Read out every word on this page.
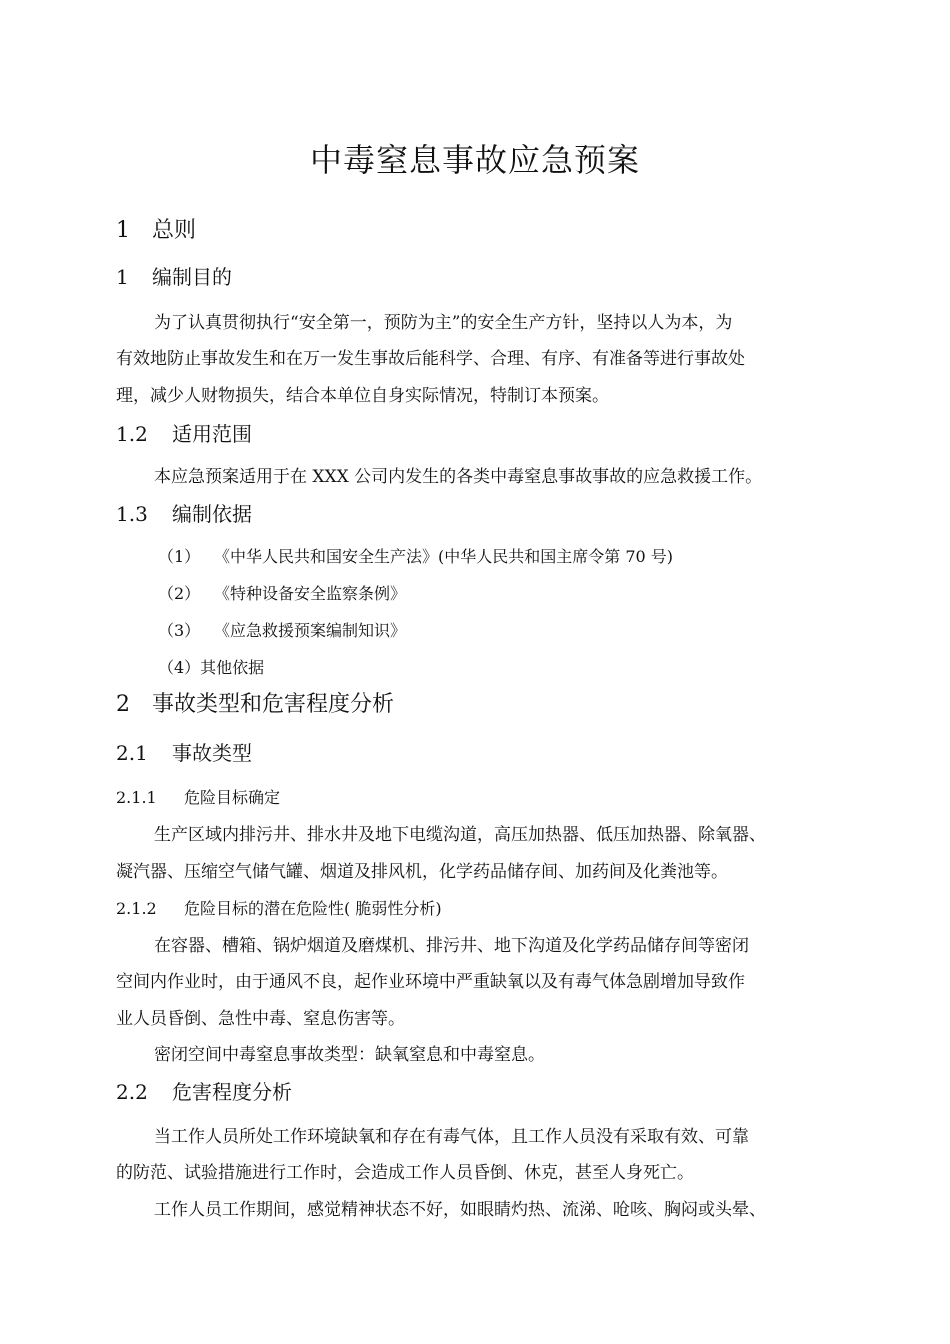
中毒窒息事故应急预案
1 总则
1 编制目的
为了认真贯彻执行“安全第一，预防为主”的安全生产方针，坚持以人为本，为
有效地防止事故发生和在万一发生事故后能科学、合理、有序、有准备等进行事故处
理，减少人财物损失，结合本单位自身实际情况，特制订本预案。
1.2 适用范围
本应急预案适用于在 XXX 公司内发生的各类中毒窒息事故事故的应急救援工作。
1.3 编制依据
（1） 《中华人民共和国安全生产法》(中华人民共和国主席令第 70 号)
（2） 《特种设备安全监察条例》
（3） 《应急救援预案编制知识》
（4）其他依据
2 事故类型和危害程度分析
2.1 事故类型
2.1.1 危险目标确定
生产区域内排污井、排水井及地下电缆沟道，高压加热器、低压加热器、除氧器、
凝汽器、压缩空气储气罐、烟道及排风机，化学药品储存间、加药间及化粪池等。
2.1.2 危险目标的潜在危险性( 脆弱性分析)
在容器、槽箱、锅炉烟道及磨煤机、排污井、地下沟道及化学药品储存间等密闭
空间内作业时，由于通风不良，起作业环境中严重缺氧以及有毒气体急剧增加导致作
业人员昏倒、急性中毒、窒息伤害等。
密闭空间中毒窒息事故类型：缺氧窒息和中毒窒息。
2.2 危害程度分析
当工作人员所处工作环境缺氧和存在有毒气体，且工作人员没有采取有效、可靠
的防范、试验措施进行工作时，会造成工作人员昏倒、休克，甚至人身死亡。
工作人员工作期间，感觉精神状态不好，如眼睛灼热、流涕、呛咳、胸闷或头晕、
